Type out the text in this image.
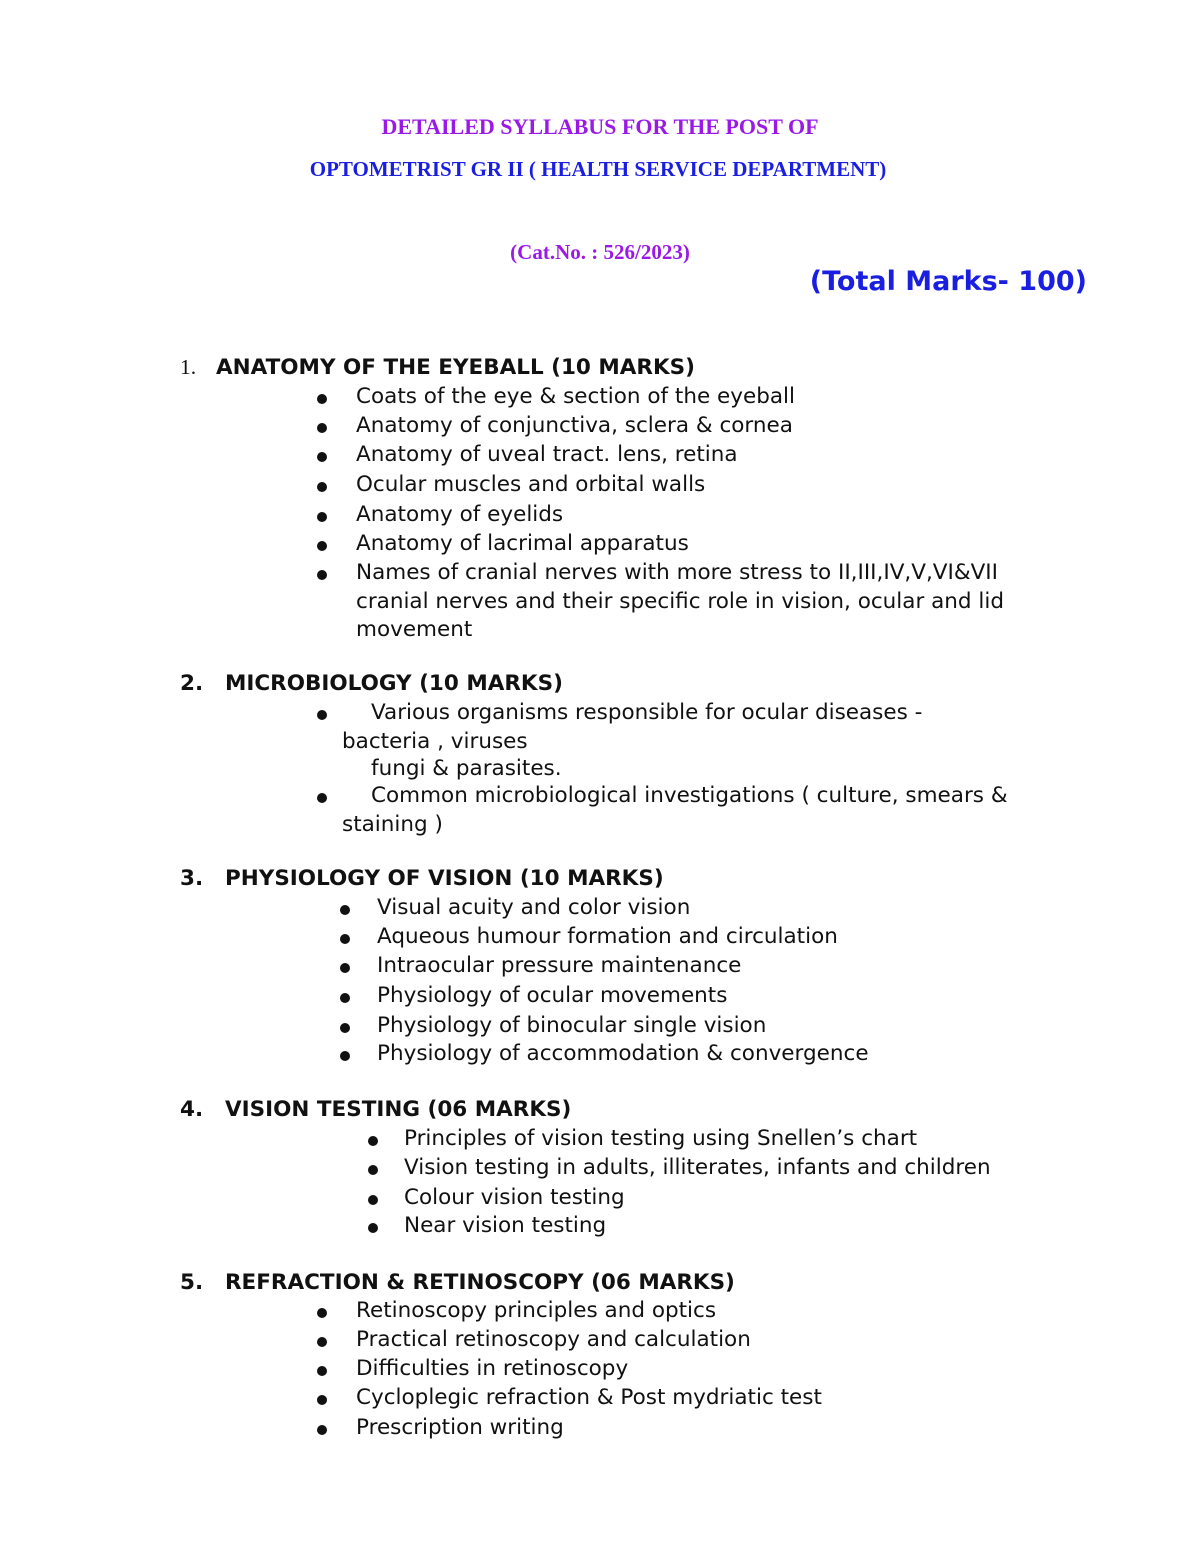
DETAILED SYLLABUS FOR THE POST OF
OPTOMETRIST GR II ( HEALTH SERVICE DEPARTMENT)
(Cat.No. : 526/2023)
(Total Marks- 100)
1. ANATOMY OF THE EYEBALL (10 MARKS)
Coats of the eye & section of the eyeball
Anatomy of conjunctiva, sclera & cornea
Anatomy of uveal tract. lens, retina
Ocular muscles and orbital walls
Anatomy of eyelids
Anatomy of lacrimal apparatus
Names of cranial nerves with more stress to II,III,IV,V,VI&VII
cranial nerves and their specific role in vision, ocular and lid
movement
2. MICROBIOLOGY (10 MARKS)
Various organisms responsible for ocular diseases -
bacteria , viruses
fungi & parasites.
Common microbiological investigations ( culture, smears &
staining )
3. PHYSIOLOGY OF VISION (10 MARKS)
Visual acuity and color vision
Aqueous humour formation and circulation
Intraocular pressure maintenance
Physiology of ocular movements
Physiology of binocular single vision
Physiology of accommodation & convergence
4. VISION TESTING (06 MARKS)
Principles of vision testing using Snellen’s chart
Vision testing in adults, illiterates, infants and children
Colour vision testing
Near vision testing
5. REFRACTION & RETINOSCOPY (06 MARKS)
Retinoscopy principles and optics
Practical retinoscopy and calculation
Difficulties in retinoscopy
Cycloplegic refraction & Post mydriatic test
Prescription writing
